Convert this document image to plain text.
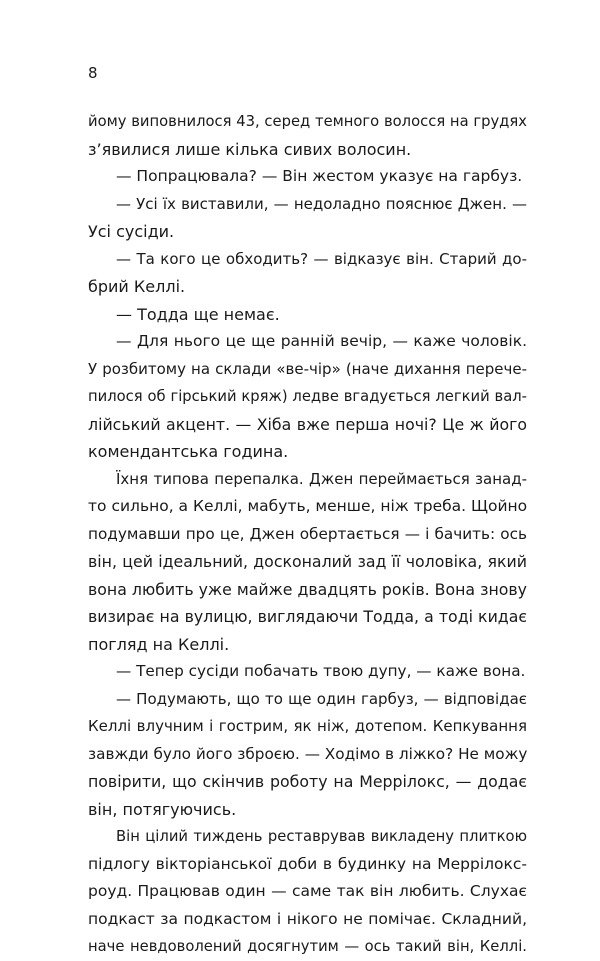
8
йому виповнилося 43, серед темного волосся на грудях
з’явилися лише кілька сивих волосин.
— Попрацювала? — Він жестом указує на гарбуз.
— Усі їх виставили, — недоладно пояснює Джен. —
Усі сусіди.
— Та кого це обходить? — відказує він. Старий до-
брий Келлі.
— Тодда ще немає.
— Для нього це ще ранній вечір, — каже чоловік.
У розбитому на склади «ве-чір» (наче дихання перече-
пилося об гірський кряж) ледве вгадується легкий вал-
лійський акцент. — Хіба вже перша ночі? Це ж його
комендантська година.
Їхня типова перепалка. Джен переймається занад-
то сильно, а Келлі, мабуть, менше, ніж треба. Щойно
подумавши про це, Джен обертається — і бачить: ось
він, цей ідеальний, досконалий зад її чоловіка, який
вона любить уже майже двадцять років. Вона знову
визирає на вулицю, виглядаючи Тодда, а тоді кидає
погляд на Келлі.
— Тепер сусіди побачать твою дупу, — каже вона.
— Подумають, що то ще один гарбуз, — відповідає
Келлі влучним і гострим, як ніж, дотепом. Кепкування
завжди було його зброєю. — Ходімо в ліжко? Не можу
повірити, що скінчив роботу на Меррілокс, — додає
він, потягуючись.
Він цілий тиждень реставрував викладену плиткою
підлогу вікторіанської доби в будинку на Меррілокс-
роуд. Працював один — саме так він любить. Слухає
подкаст за подкастом і нікого не помічає. Складний,
наче невдоволений досягнутим — ось такий він, Келлі.
